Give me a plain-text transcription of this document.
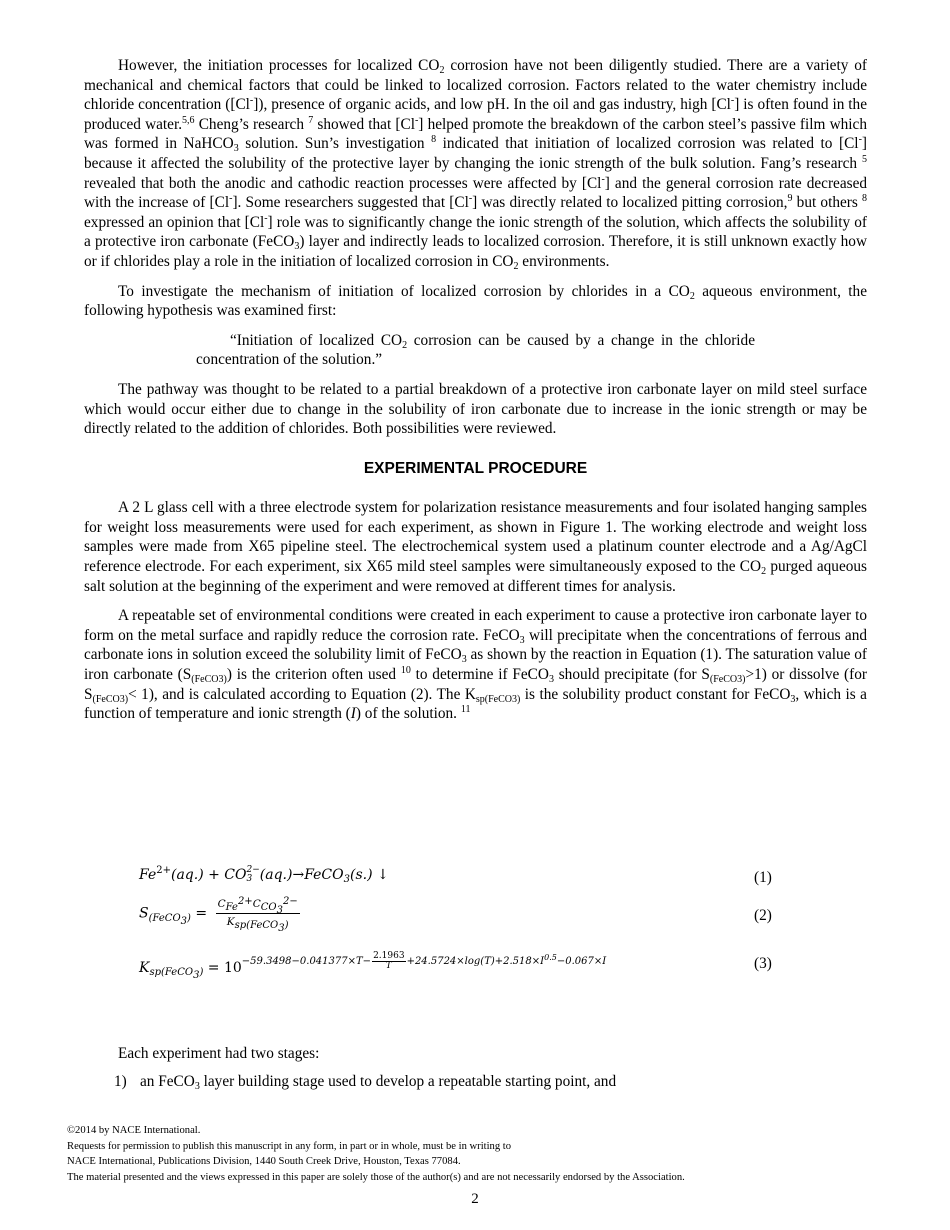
However, the initiation processes for localized $CO_2$ corrosion have not been diligently studied. There are a variety of mechanical and chemical factors that could be linked to localized corrosion. Factors related to the water chemistry include chloride concentration ([Cl-]), presence of organic acids, and low pH. In the oil and gas industry, high [Cl-] is often found in the produced water.$^{5,6}$ Cheng’s research $^7$ showed that [Cl-] helped promote the breakdown of the carbon steel’s passive film which was formed in NaHCO$_3$ solution. Sun’s investigation $^8$ indicated that initiation of localized corrosion was related to [Cl-] because it affected the solubility of the protective layer by changing the ionic strength of the bulk solution. Fang’s research $^5$ revealed that both the anodic and cathodic reaction processes were affected by [Cl-] and the general corrosion rate decreased with the increase of [Cl-]. Some researchers suggested that [Cl-] was directly related to localized pitting corrosion,$^9$ but others $^8$ expressed an opinion that [Cl-] role was to significantly change the ionic strength of the solution, which affects the solubility of a protective iron carbonate (FeCO$_3$) layer and indirectly leads to localized corrosion. Therefore, it is still unknown exactly how or if chlorides play a role in the initiation of localized corrosion in $CO_2$ environments.

To investigate the mechanism of initiation of localized corrosion by chlorides in a $CO_2$ aqueous environment, the following hypothesis was examined first:

“Initiation of localized $CO_2$ corrosion can be caused by a change in the chloride concentration of the solution.”

The pathway was thought to be related to a partial breakdown of a protective iron carbonate layer on mild steel surface which would occur either due to change in the solubility of iron carbonate due to increase in the ionic strength or may be directly related to the addition of chlorides. Both possibilities were reviewed.

EXPERIMENTAL PROCEDURE

A 2 L glass cell with a three electrode system for polarization resistance measurements and four isolated hanging samples for weight loss measurements were used for each experiment, as shown in Figure 1. The working electrode and weight loss samples were made from X65 pipeline steel. The electrochemical system used a platinum counter electrode and a Ag/AgCl reference electrode. For each experiment, six X65 mild steel samples were simultaneously exposed to the $CO_2$ purged aqueous salt solution at the beginning of the experiment and were removed at different times for analysis.

A repeatable set of environmental conditions were created in each experiment to cause a protective iron carbonate layer to form on the metal surface and rapidly reduce the corrosion rate. FeCO$_3$ will precipitate when the concentrations of ferrous and carbonate ions in solution exceed the solubility limit of FeCO$_3$ as shown by the reaction in Equation (1). The saturation value of iron carbonate $(S_{(FeCO3)})$ is the criterion often used $^{10}$ to determine if FeCO$_3$ should precipitate (for $S_{(FeCO3)}>1$) or dissolve (for $S_{(FeCO3)}< 1$), and is calculated according to Equation (2). The $K_{sp(FeCO3)}$ is the solubility product constant for FeCO$_3$, which is a function of temperature and ionic strength (I) of the solution. $^{11}$

$Fe^{2+}(aq.)$ + CO 2−
3 (aq.)→FeCO$_3$(s.) ↓	(1)
$S_{(FeCO_3)} = \frac{C_{Fe^{2+}}C_{CO_3^{2-}}}{K_{sp(FeCO_3)}}$	(2)
$K_{sp(FeCO_3)} = 10^{-59.3498-0.041377\times T- \frac{2.1963}{T} +24.5724\times log(T)+2.518\times I^{0.5}-0.067\times I}$	(3)
Each experiment had two stages:
1) an FeCO$_3$ layer building stage used to develop a repeatable starting point, and
©2014 by NACE International.
Requests for permission to publish this manuscript in any form, in part or in whole, must be in writing to
NACE International, Publications Division, 1440 South Creek Drive, Houston, Texas 77084.
The material presented and the views expressed in this paper are solely those of the author(s) and are not necessarily endorsed by the Association.
2
